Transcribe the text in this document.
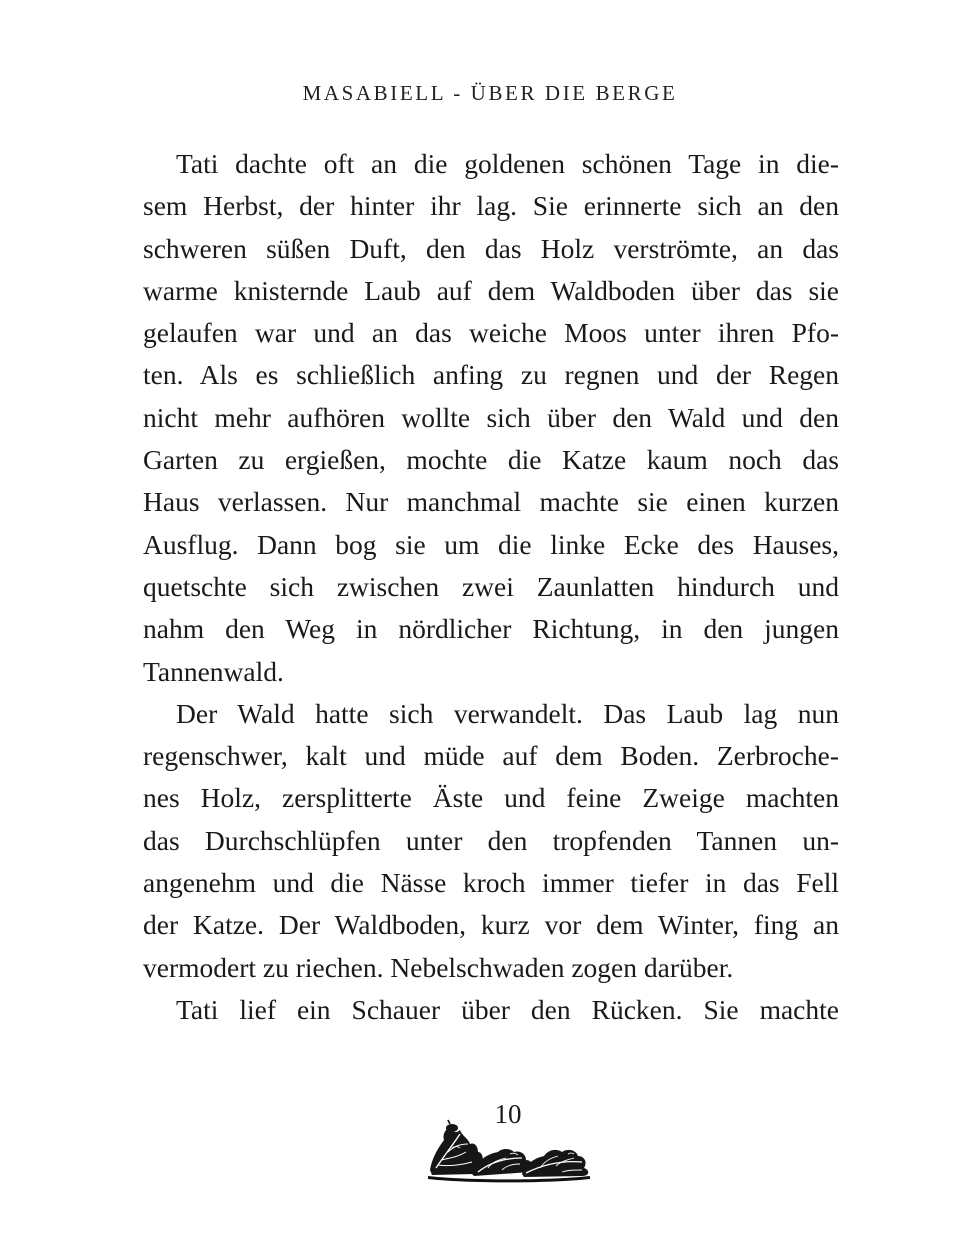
MASABIELL - ÜBER DIE BERGE

Tati dachte oft an die goldenen schönen Tage in die-
sem Herbst, der hinter ihr lag. Sie erinnerte sich an den
schweren süßen Duft, den das Holz verströmte, an das
warme knisternde Laub auf dem Waldboden über das sie
gelaufen war und an das weiche Moos unter ihren Pfo-
ten. Als es schließlich anfing zu regnen und der Regen
nicht mehr aufhören wollte sich über den Wald und den
Garten zu ergießen, mochte die Katze kaum noch das
Haus verlassen. Nur manchmal machte sie einen kurzen
Ausflug. Dann bog sie um die linke Ecke des Hauses,
quetschte sich zwischen zwei Zaunlatten hindurch und
nahm den Weg in nördlicher Richtung, in den jungen
Tannenwald.

Der Wald hatte sich verwandelt. Das Laub lag nun
regenschwer, kalt und müde auf dem Boden. Zerbroche-
nes Holz, zersplitterte Äste und feine Zweige machten
das Durchschlüpfen unter den tropfenden Tannen un-
angenehm und die Nässe kroch immer tiefer in das Fell
der Katze. Der Waldboden, kurz vor dem Winter, fing an
vermodert zu riechen. Nebelschwaden zogen darüber.

Tati lief ein Schauer über den Rücken. Sie machte

10
